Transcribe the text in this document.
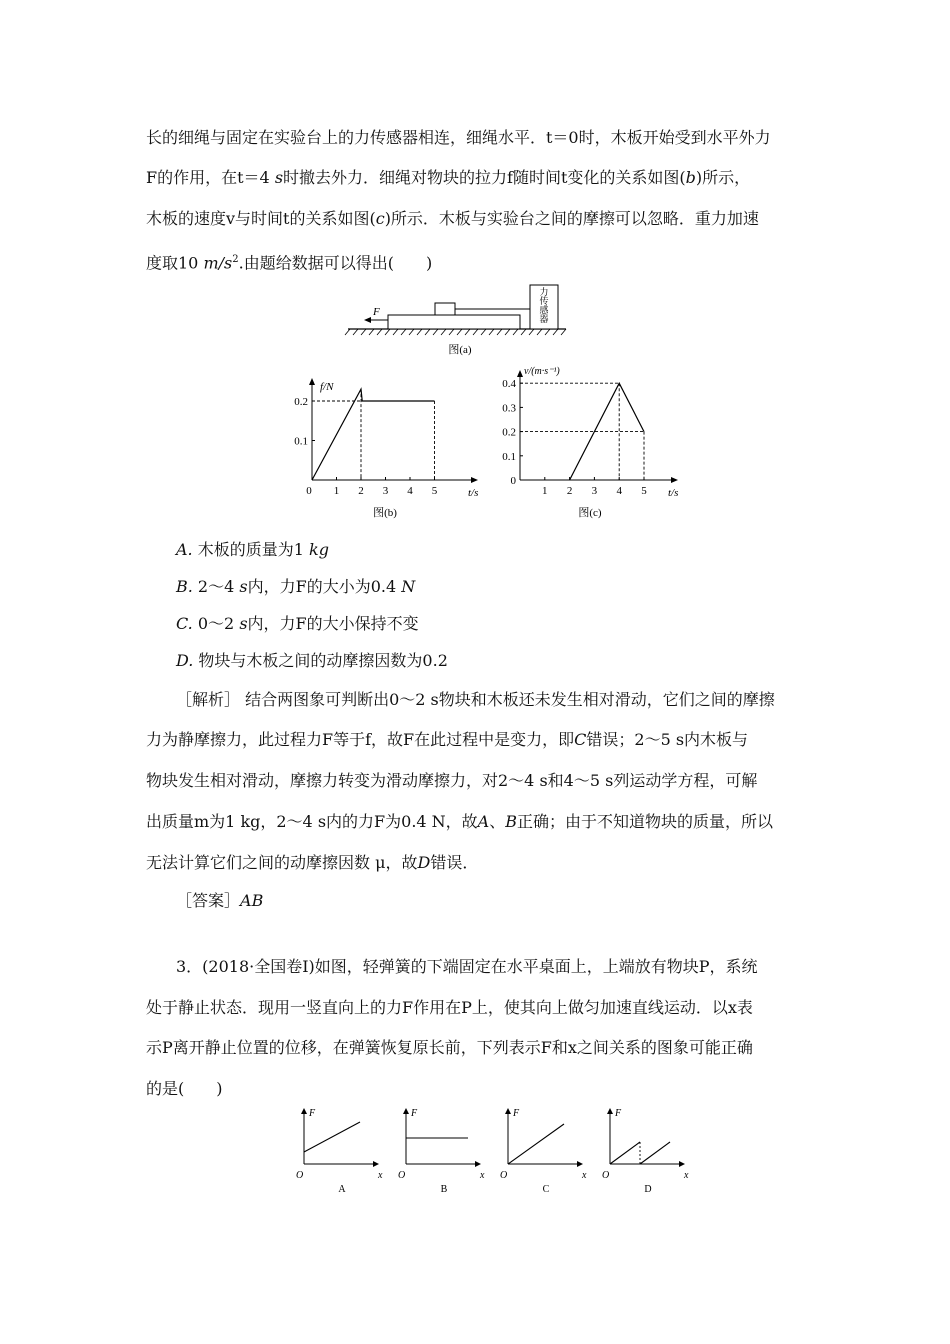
长的细绳与固定在实验台上的力传感器相连，细绳水平．t＝0时，木板开始受到水平外力
F的作用，在t＝4 s时撤去外力．细绳对物块的拉力f随时间t变化的关系如图(b)所示，
木板的速度v与时间t的关系如图(c)所示．木板与实验台之间的摩擦可以忽略．重力加速
度取10 $m/s^2$.由题给数据可以得出(　　)
力传感器
F
图(a)
f/N
t/s
0 1 2 3 4 5
0.1
0.2
图(b)
v/(m·s⁻¹)
t/s
1 2 3 4 5
0
0.1
0.2
0.3
0.4
图(c)
A. 木板的质量为1 kg
B. 2～4 s内，力F的大小为0.4 N
C. 0～2 s内，力F的大小保持不变
D. 物块与木板之间的动摩擦因数为0.2
［解析］ 结合两图象可判断出0～2 s物块和木板还未发生相对滑动，它们之间的摩擦
力为静摩擦力，此过程力F等于f，故F在此过程中是变力，即C错误；2～5 s内木板与
物块发生相对滑动，摩擦力转变为滑动摩擦力，对2～4 s和4～5 s列运动学方程，可解
出质量m为1 kg，2～4 s内的力F为0.4 N，故A、B正确；由于不知道物块的质量，所以
无法计算它们之间的动摩擦因数 μ，故D错误．
［答案］AB
3．(2018·全国卷Ⅰ)如图，轻弹簧的下端固定在水平桌面上，上端放有物块P，系统
处于静止状态．现用一竖直向上的力F作用在P上，使其向上做匀加速直线运动．以x表
示P离开静止位置的位移，在弹簧恢复原长前，下列表示F和x之间关系的图象可能正确
的是(　　)
F
x
O
A
F
x
O
B
F
x
O
C
F
x
O
D
